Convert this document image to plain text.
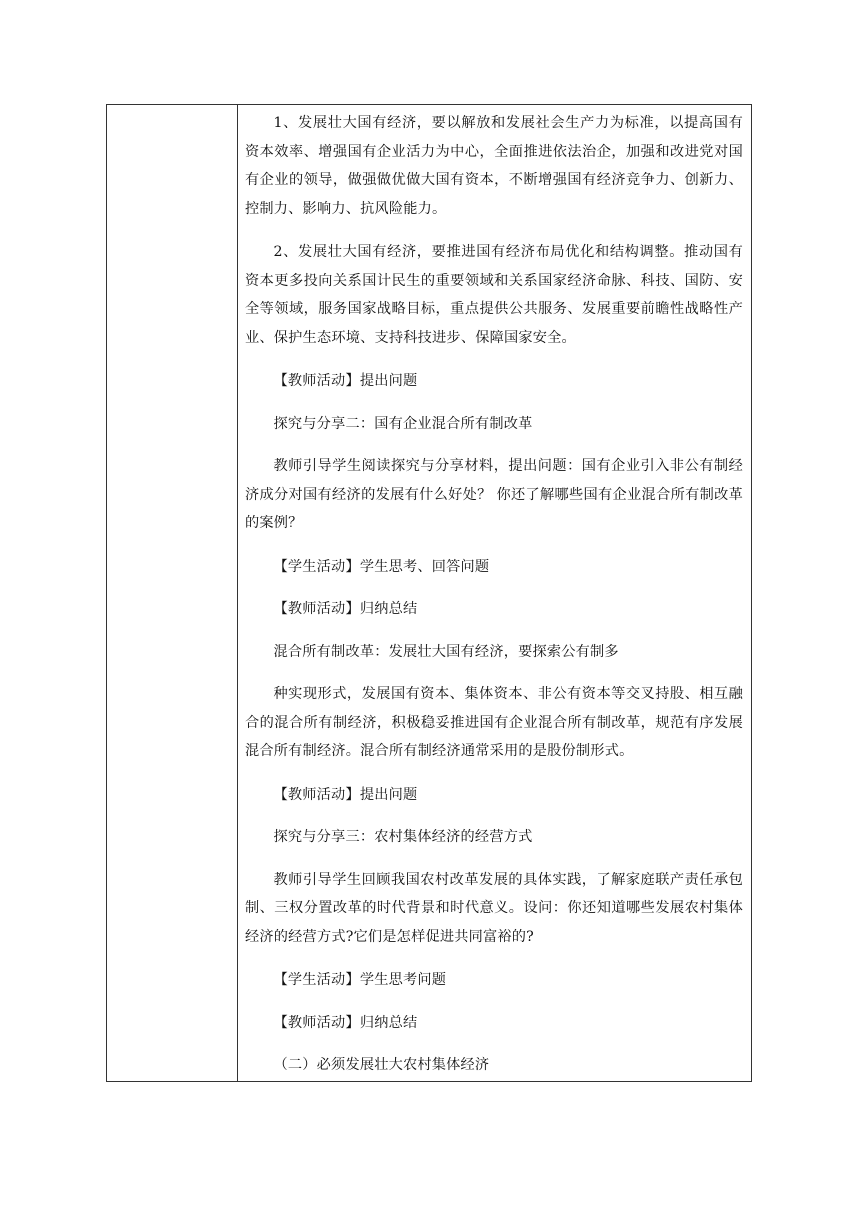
1、发展壮大国有经济，要以解放和发展社会生产力为标准，以提高国有资本效率、增强国有企业活力为中心，全面推进依法治企，加强和改进党对国有企业的领导，做强做优做大国有资本，不断增强国有经济竞争力、创新力、控制力、影响力、抗风险能力。

2、发展壮大国有经济，要推进国有经济布局优化和结构调整。推动国有资本更多投向关系国计民生的重要领域和关系国家经济命脉、科技、国防、安全等领域，服务国家战略目标，重点提供公共服务、发展重要前瞻性战略性产业、保护生态环境、支持科技进步、保障国家安全。

【教师活动】提出问题

探究与分享二：国有企业混合所有制改革

教师引导学生阅读探究与分享材料，提出问题：国有企业引入非公有制经济成分对国有经济的发展有什么好处？ 你还了解哪些国有企业混合所有制改革的案例？

【学生活动】学生思考、回答问题

【教师活动】归纳总结

混合所有制改革：发展壮大国有经济，要探索公有制多

种实现形式，发展国有资本、集体资本、非公有资本等交叉持股、相互融合的混合所有制经济，积极稳妥推进国有企业混合所有制改革，规范有序发展混合所有制经济。混合所有制经济通常采用的是股份制形式。

【教师活动】提出问题

探究与分享三：农村集体经济的经营方式

教师引导学生回顾我国农村改革发展的具体实践，了解家庭联产责任承包制、三权分置改革的时代背景和时代意义。设问：你还知道哪些发展农村集体经济的经营方式?它们是怎样促进共同富裕的?

【学生活动】学生思考问题

【教师活动】归纳总结

（二）必须发展壮大农村集体经济
